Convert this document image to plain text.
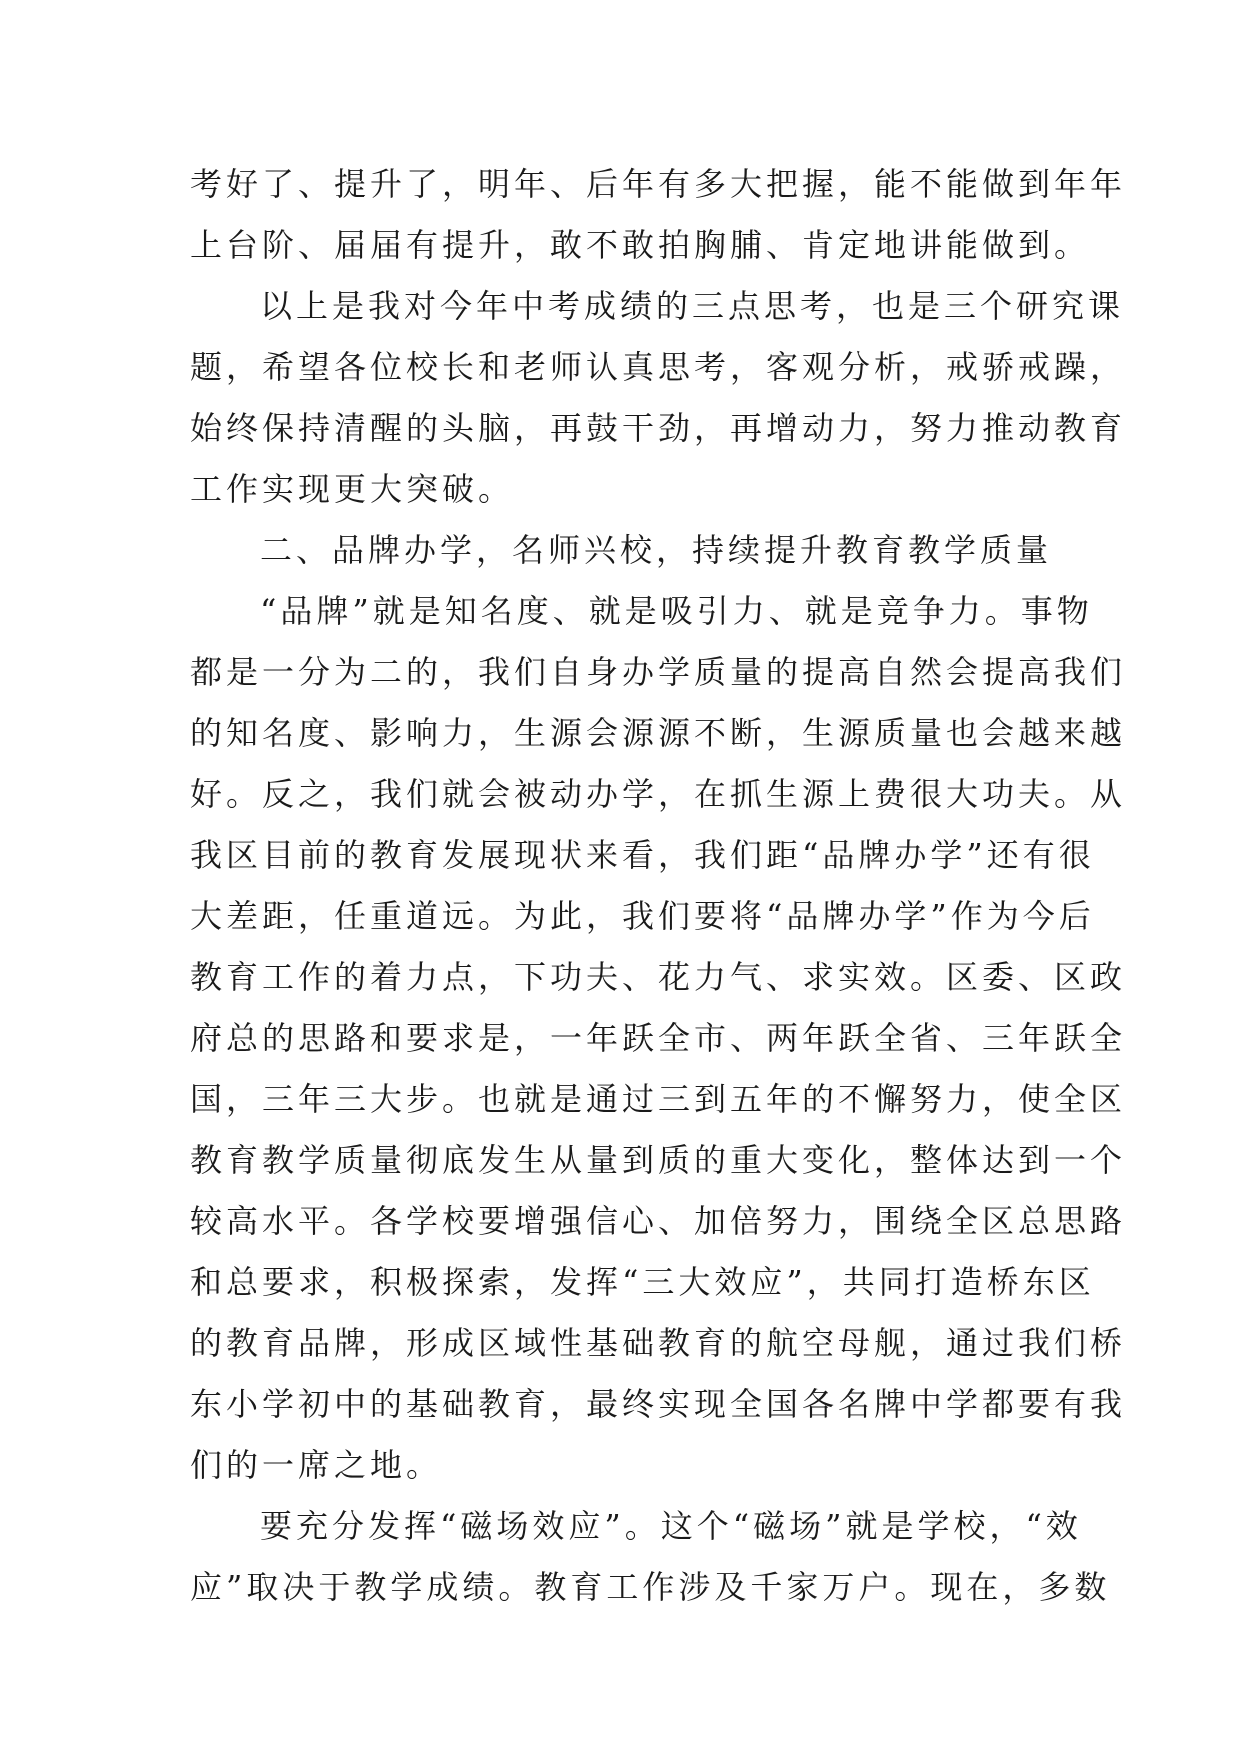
考好了、提升了，明年、后年有多大把握，能不能做到年年
上台阶、届届有提升，敢不敢拍胸脯、肯定地讲能做到。
以上是我对今年中考成绩的三点思考，也是三个研究课
题，希望各位校长和老师认真思考，客观分析，戒骄戒躁，
始终保持清醒的头脑，再鼓干劲，再增动力，努力推动教育
工作实现更大突破。
二、品牌办学，名师兴校，持续提升教育教学质量
“品牌”就是知名度、就是吸引力、就是竞争力。事物
都是一分为二的，我们自身办学质量的提高自然会提高我们
的知名度、影响力，生源会源源不断，生源质量也会越来越
好。反之，我们就会被动办学，在抓生源上费很大功夫。从
我区目前的教育发展现状来看，我们距“品牌办学”还有很
大差距，任重道远。为此，我们要将“品牌办学”作为今后
教育工作的着力点，下功夫、花力气、求实效。区委、区政
府总的思路和要求是，一年跃全市、两年跃全省、三年跃全
国，三年三大步。也就是通过三到五年的不懈努力，使全区
教育教学质量彻底发生从量到质的重大变化，整体达到一个
较高水平。各学校要增强信心、加倍努力，围绕全区总思路
和总要求，积极探索，发挥“三大效应”，共同打造桥东区
的教育品牌，形成区域性基础教育的航空母舰，通过我们桥
东小学初中的基础教育，最终实现全国各名牌中学都要有我
们的一席之地。
要充分发挥“磁场效应”。这个“磁场”就是学校，“效
应”取决于教学成绩。教育工作涉及千家万户。现在，多数
